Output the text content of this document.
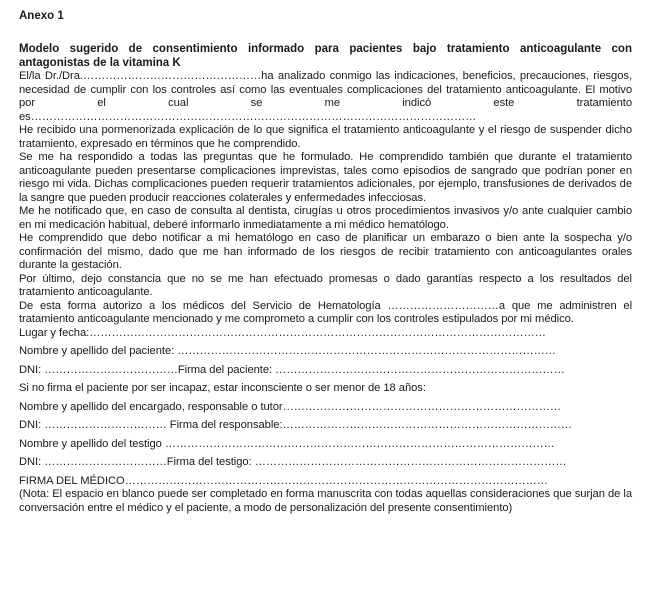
Anexo 1
Modelo sugerido de consentimiento informado para pacientes bajo tratamiento anticoagulante con antagonistas de la vitamina K
El/la Dr./Dra.…………………………………………ha analizado conmigo las indicaciones, beneficios, precauciones, riesgos, necesidad de cumplir con los controles así como las eventuales complicaciones del tratamiento anticoagulante. El motivo por el cual se me indicó este tratamiento es…………………………………………………………………………………………………………
He recibido una pormenorizada explicación de lo que significa el tratamiento anticoagulante y el riesgo de suspender dicho tratamiento, expresado en términos que he comprendido.
Se me ha respondido a todas las preguntas que he formulado. He comprendido también que durante el tratamiento anticoagulante pueden presentarse complicaciones imprevistas, tales como episodios de sangrado que podrían poner en riesgo mi vida. Dichas complicaciones pueden requerir tratamientos adicionales, por ejemplo, transfusiones de derivados de la sangre que pueden producir reacciones colaterales y enfermedades infecciosas.
Me he notificado que, en caso de consulta al dentista, cirugías u otros procedimientos invasivos y/o ante cualquier cambio en mi medicación habitual, deberé informarlo inmediatamente a mi médico hematólogo.
He comprendido que debo notificar a mi hematólogo en caso de planificar un embarazo o bien ante la sospecha y/o confirmación del mismo, dado que me han informado de los riesgos de recibir tratamiento con anticoagulantes orales durante la gestación.
Por último, dejo constancia que no se me han efectuado promesas o dado garantías respecto a los resultados del tratamiento anticoagulante.
De esta forma autorizo a los médicos del Servicio de Hematología …………………………a que me administren el tratamiento anticoagulante mencionado y me comprometo a cumplir con los controles estipulados por mi médico.
Lugar y fecha:……………………………………………………………………………………………………………
Nombre y apellido del paciente: …………………………………………………………………………………………
DNI: ………………………………Firma del paciente: ……………………………………………………………………
Si no firma el paciente por ser incapaz, estar inconsciente o ser menor de 18 años:
Nombre y apellido del encargado, responsable o tutor…………………………………………………………………
DNI: …………………………… Firma del responsable:……………………………………………………………………
Nombre y apellido del testigo ……………………………………………………………………………………………
DNI: ……………………………Firma del testigo: …………………………………………………………………………
FIRMA DEL MÉDICO……………………………………………………………………………………………………
(Nota: El espacio en blanco puede ser completado en forma manuscrita con todas aquellas consideraciones que surjan de la conversación entre el médico y el paciente, a modo de personalización del presente consentimiento)
